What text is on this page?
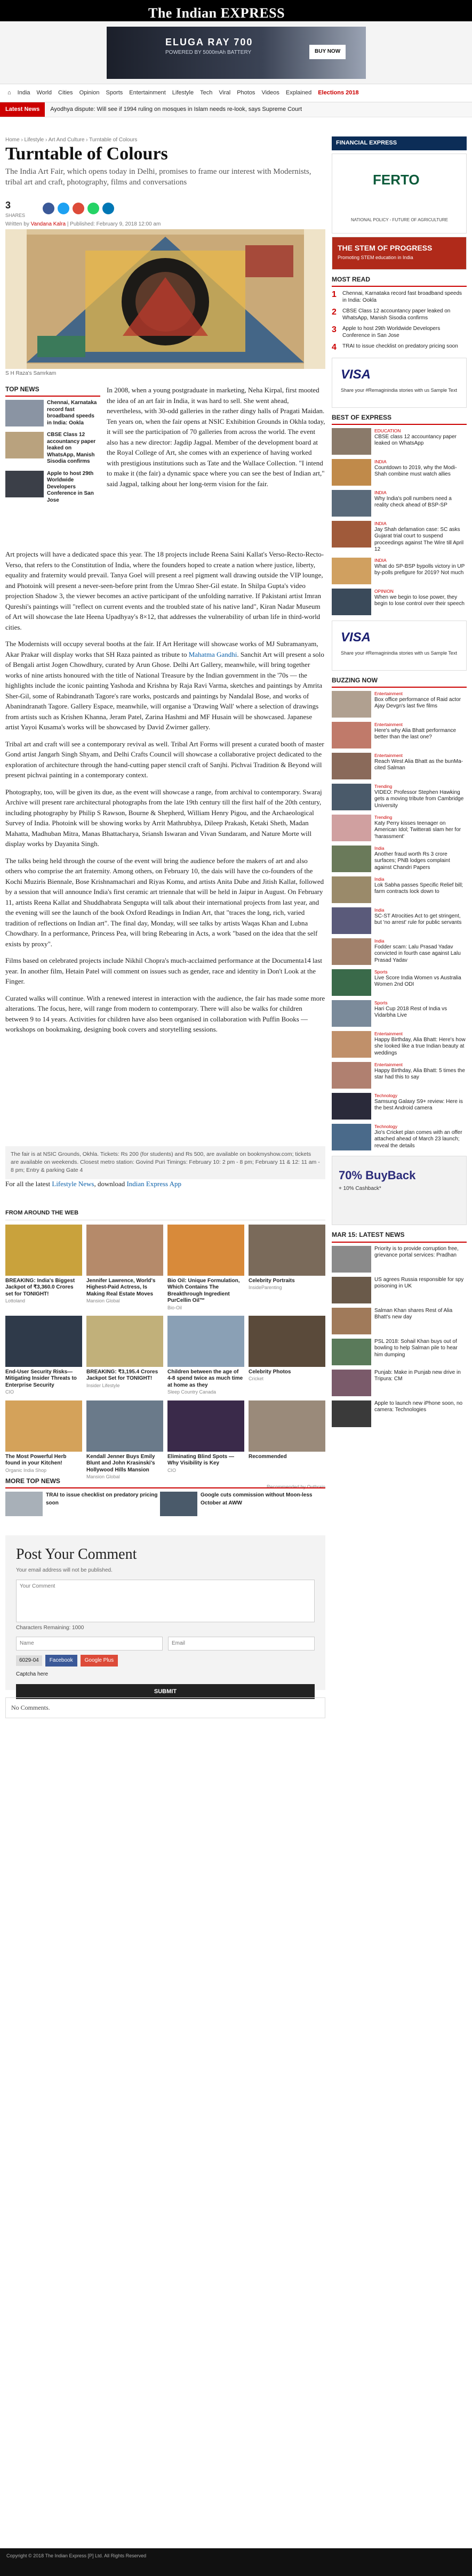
The Indian EXPRESS
ELUGA RAY 700
POWERED BY 5000mAh BATTERY	BUY NOW
⌂ India World Cities Opinion Sports Entertainment Lifestyle Tech Viral Photos Videos Explained Elections 2018
Latest News	Ayodhya dispute: Will see if 1994 ruling on mosques in Islam needs re-look, says Supreme Court
Home › Lifestyle › Art And Culture › Turntable of Colours
Turntable of Colours
The India Art Fair, which opens today in Delhi, promises to frame our interest with Modernists, tribal art and craft, photography, films and conversations
3
SHARES
Written by Vandana Kalra | Published: February 9, 2018 12:00 am
S H Raza's Samrkam
TOP NEWS
Chennai, Karnataka record fast broadband speeds in India: Ookla
CBSE Class 12 accountancy paper leaked on WhatsApp, Manish Sisodia confirms
Apple to host 29th Worldwide Developers Conference in San Jose

In 2008, when a young postgraduate in marketing, Neha Kirpal, first mooted the idea of an art fair in India, it was hard to sell. She went ahead, nevertheless, with 30-odd galleries in the rather dingy halls of Pragati Maidan. Ten years on, when the fair opens at NSIC Exhibition Grounds in Okhla today, it will see the participation of 70 galleries from across the world. The event also has a new director: Jagdip Jagpal. Member of the development board at the Royal College of Art, she comes with an experience of having worked with prestigious institutions such as Tate and the Wallace Collection. "I intend to make it (the fair) a dynamic space where you can see the best of Indian art," said Jagpal, talking about her long-term vision for the fair.

Art projects will have a dedicated space this year. The 18 projects include Reena Saini Kallat's Verso-Recto-Recto-Verso, that refers to the Constitution of India, where the founders hoped to create a nation where justice, liberty, equality and fraternity would prevail. Tanya Goel will present a reel pigment wall drawing outside the VIP lounge, and Photoink will present a never-seen-before print from the Umrao Sher-Gil estate. In Shilpa Gupta's video projection Shadow 3, the viewer becomes an active participant of the unfolding narrative. If Pakistani artist Imran Qureshi's paintings will "reflect on current events and the troubled state of his native land", Kiran Nadar Museum of Art will showcase the late Heena Upadhyay's 8×12, that addresses the vulnerability of urban life in third-world cities.

The Modernists will occupy several booths at the fair. If Art Heritage will showcase works of MJ Subramanyam, Akar Prakar will display works that SH Raza painted as tribute to Mahatma Gandhi. Sanchit Art will present a solo of Bengali artist Jogen Chowdhury, curated by Arun Ghose. Delhi Art Gallery, meanwhile, will bring together works of nine artists honoured with the title of National Treasure by the Indian government in the '70s — the highlights include the iconic painting Yashoda and Krishna by Raja Ravi Varma, sketches and paintings by Amrita Sher-Gil, some of Rabindranath Tagore's rare works, postcards and paintings by Nandalal Bose, and works of Abanindranath Tagore. Gallery Espace, meanwhile, will organise a 'Drawing Wall' where a selection of drawings from artists such as Krishen Khanna, Jeram Patel, Zarina Hashmi and MF Husain will be showcased. Japanese artist Yayoi Kusama's works will be showcased by David Zwirner gallery.

Tribal art and craft will see a contemporary revival as well. Tribal Art Forms will present a curated booth of master Gond artist Jangarh Singh Shyam, and Delhi Crafts Council will showcase a collaborative project dedicated to the exploration of architecture through the hand-cutting paper stencil craft of Sanjhi. Pichvai Tradition & Beyond will present pichvai painting in a contemporary context.

Photography, too, will be given its due, as the event will showcase a range, from archival to contemporary. Swaraj Archive will present rare architectural photographs from the late 19th century till the first half of the 20th century, including photography by Philip S Rawson, Bourne & Shepherd, William Henry Pigou, and the Archaeological Survey of India. Photoink will be showing works by Arrit Mathrubhya, Dileep Prakash, Ketaki Sheth, Madan Mahatta, Madhuban Mitra, Manas Bhattacharya, Sriansh Iswaran and Vivan Sundaram, and Nature Morte will display works by Dayanita Singh.

The talks being held through the course of the event will bring the audience before the makers of art and also others who comprise the art fraternity. Among others, on February 10, the dais will have the co-founders of the Kochi Muziris Biennale, Bose Krishnamachari and Riyas Komu, and artists Anita Dube and Jitish Kallat, followed by a session that will announce India's first ceramic art triennale that will be held in Jaipur in August. On February 11, artists Reena Kallat and Shuddhabrata Sengupta will talk about their international projects from last year, and the evening will see the launch of the book Oxford Readings in Indian Art, that "traces the long, rich, varied tradition of reflections on Indian art". The final day, Monday, will see talks by artists Waqas Khan and Lubna Chowdhary. In a performance, Princess Pea, will bring Rebearing in Acts, a work "based on the idea that the self exists by proxy".

Films based on celebrated projects include Nikhil Chopra's much-acclaimed performance at the Documenta14 last year. In another film, Hetain Patel will comment on issues such as gender, race and identity in Don't Look at the Finger.

Curated walks will continue. With a renewed interest in interaction with the audience, the fair has made some more alterations. The focus, here, will range from modern to contemporary. There will also be walks for children between 9 to 14 years. Activities for children have also been organised in collaboration with Puffin Books — workshops on bookmaking, designing book covers and storytelling sessions.

The fair is at NSIC Grounds, Okhla. Tickets: Rs 200 (for students) and Rs 500, are available on bookmyshow.com; tickets are available on weekends. Closest metro station: Govind Puri Timings: February 10: 2 pm - 8 pm; February 11 & 12: 11 am - 8 pm; Entry & parking Gate 4
For all the latest Lifestyle News, download Indian Express App
FROM AROUND THE WEB
BREAKING: India's Biggest Jackpot of ₹3,360.0 Crores set for TONIGHT!
Lottoland
Jennifer Lawrence, World's Highest-Paid Actress, Is Making Real Estate Moves
Mansion Global
Bio Oil: Unique Formulation, Which Contains The Breakthrough Ingredient PurCellin Oil™
Bio-Oil
Celebrity Portraits
InsideParenting
End-User Security Risks—Mitigating Insider Threats to Enterprise Security
CIO
BREAKING: ₹3,195.4 Crores Jackpot Set for TONIGHT!
Insider Lifestyle
Children between the age of 4-8 spend twice as much time at home as they
Sleep Country Canada
Celebrity Photos
Cricket
The Most Powerful Herb found in your Kitchen!
Organic India Shop
Kendall Jenner Buys Emily Blunt and John Krasinski's Hollywood Hills Mansion
Mansion Global
Eliminating Blind Spots — Why Visibility is Key
CIO
Recommended
Recommended by Outbrain
MORE TOP NEWS
TRAI to issue checklist on predatory pricing soon
Google cuts commission without Moon-less October at AWW
Post Your Comment
Your email address will not be published.
Your Comment
Characters Remaining: 1000
Name
Email
6029-04	Facebook	Google Plus
Captcha here
SUBMIT
No Comments.
FINANCIAL EXPRESS
FERTO
NATIONAL POLICY - FUTURE OF AGRICULTURE
THE STEM OF PROGRESS
Promoting STEM education in India
MOST READ
1	Chennai, Karnataka record fast broadband speeds in India: Ookla
2	CBSE Class 12 accountancy paper leaked on WhatsApp, Manish Sisodia confirms
3	Apple to host 29th Worldwide Developers Conference in San Jose
4	TRAI to issue checklist on predatory pricing soon
VISA
Share your #Remaginindia stories with us Sample Text
BEST OF EXPRESS
EDUCATION
CBSE class 12 accountancy paper leaked on WhatsApp
INDIA
Countdown to 2019, why the Modi-Shah combine must watch allies
INDIA
Why India's poll numbers need a reality check ahead of BSP-SP
INDIA
Jay Shah defamation case: SC asks Gujarat trial court to suspend proceedings against The Wire till April 12
INDIA
What do SP-BSP bypolls victory in UP by-polls prefigure for 2019? Not much
OPINION
When we begin to lose power, they begin to lose control over their speech
VISA
Share your #Remaginindia stories with us Sample Text
BUZZING NOW
Entertainment
Box office performance of Raid actor Ajay Devgn's last five films
Entertainment
Here's why Alia Bhatt performance better than the last one?
Entertainment
Reach West Alia Bhatt as the bunMa-cited Salman
Trending
VIDEO: Professor Stephen Hawking gets a moving tribute from Cambridge University
Trending
Katy Perry kisses teenager on American Idol; Twitterati slam her for 'harassment'
India
Another fraud worth Rs 3 crore surfaces; PNB lodges complaint against Chandri Papers
India
Lok Sabha passes Specific Relief bill; farm contracts lock down to
India
SC-ST Atrocities Act to get stringent, but 'no arrest' rule for public servants
India
Fodder scam: Lalu Prasad Yadav convicted in fourth case against Lalu Prasad Yadav
Sports
Live Score India Women vs Australia Women 2nd ODI
Sports
Hari Cup 2018 Rest of India vs Vidarbha Live
Entertainment
Happy Birthday, Alia Bhatt: Here's how she looked like a true Indian beauty at weddings
Entertainment
Happy Birthday, Alia Bhatt: 5 times the star had this to say
Technology
Samsung Galaxy S9+ review: Here is the best Android camera
Technology
Jio's Cricket plan comes with an offer attached ahead of March 23 launch; reveal the details
70% BuyBack
+ 10% Cashback*
MAR 15: LATEST NEWS
Priority is to provide corruption free, grievance portal services: Pradhan
US agrees Russia responsible for spy poisoning in UK
Salman Khan shares Rest of Alia Bhatt's new day
PSL 2018: Sohail Khan buys out of bowling to help Salman pile to hear him dumping
Punjab: Make in Punjab new drive in Tripura: CM
Apple to launch new iPhone soon, no camera: Technologies
Copyright © 2018 The Indian Express [P] Ltd. All Rights Reserved
